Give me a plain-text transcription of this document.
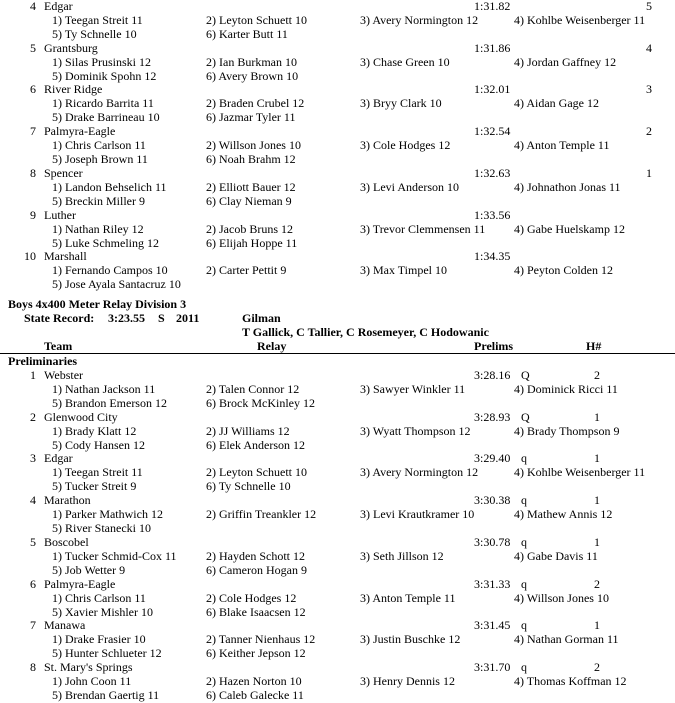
4 Edgar	1:31.82	5
1) Teegan Streit 11	2) Leyton Schuett 10	3) Avery Normington 12	4) Kohlbe Weisenberger 11
5) Ty Schnelle 10	6) Karter Butt 11
5 Grantsburg	1:31.86	4
1) Silas Prusinski 12	2) Ian Burkman 10	3) Chase Green 10	4) Jordan Gaffney 12
5) Dominik Spohn 12	6) Avery Brown 10
6 River Ridge	1:32.01	3
1) Ricardo Barrita 11	2) Braden Crubel 12	3) Bryy Clark 10	4) Aidan Gage 12
5) Drake Barrineau 10	6) Jazmar Tyler 11
7 Palmyra-Eagle	1:32.54	2
1) Chris Carlson 11	2) Willson Jones 10	3) Cole Hodges 12	4) Anton Temple 11
5) Joseph Brown 11	6) Noah Brahm 12
8 Spencer	1:32.63	1
1) Landon Behselich 11	2) Elliott Bauer 12	3) Levi Anderson 10	4) Johnathon Jonas 11
5) Breckin Miller 9	6) Clay Nieman 9
9 Luther	1:33.56
1) Nathan Riley 12	2) Jacob Bruns 12	3) Trevor Clemmensen 11 4) Gabe Huelskamp 12
5) Luke Schmeling 12	6) Elijah Hoppe 11
10 Marshall	1:34.35
1) Fernando Campos 10	2) Carter Pettit 9	3) Max Timpel 10	4) Peyton Colden 12
5) Jose Ayala Santacruz 10
1 Webster	3:28.16 Q	2
1) Nathan Jackson 11	2) Talen Connor 12	3) Sawyer Winkler 11	4) Dominick Ricci 11
5) Brandon Emerson 12	6) Brock McKinley 12
2 Glenwood City	3:28.93 Q	1
1) Brady Klatt 12	2) JJ Williams 12	3) Wyatt Thompson 12	4) Brady Thompson 9
5) Cody Hansen 12	6) Elek Anderson 12
3 Edgar	3:29.40 q	1
1) Teegan Streit 11	2) Leyton Schuett 10	3) Avery Normington 12	4) Kohlbe Weisenberger 11
5) Tucker Streit 9	6) Ty Schnelle 10
4 Marathon	3:30.38 q	1
1) Parker Mathwich 12	2) Griffin Treankler 12	3) Levi Krautkramer 10	4) Mathew Annis 12
5) River Stanecki 10
5 Boscobel	3:30.78 q	1
1) Tucker Schmid-Cox 11 2) Hayden Schott 12	3) Seth Jillson 12	4) Gabe Davis 11
5) Job Wetter 9	6) Cameron Hogan 9
6 Palmyra-Eagle	3:31.33 q	2
1) Chris Carlson 11	2) Cole Hodges 12	3) Anton Temple 11	4) Willson Jones 10
5) Xavier Mishler 10	6) Blake Isaacsen 12
7 Manawa	3:31.45 q	1
1) Drake Frasier 10	2) Tanner Nienhaus 12	3) Justin Buschke 12	4) Nathan Gorman 11
5) Hunter Schlueter 12	6) Keither Jepson 12
8 St. Mary's Springs	3:31.70 q	2
1) John Coon 11	2) Hazen Norton 10	3) Henry Dennis 12	4) Thomas Koffman 12
5) Brendan Gaertig 11	6) Caleb Galecke 11
Boys 4x400 Meter Relay Division 3
State Record: 3:23.55 S 2011	Gilman
T Gallick, C Tallier, C Rosemeyer, C Hodowanic
Team	Relay	Prelims	H#
Preliminaries
